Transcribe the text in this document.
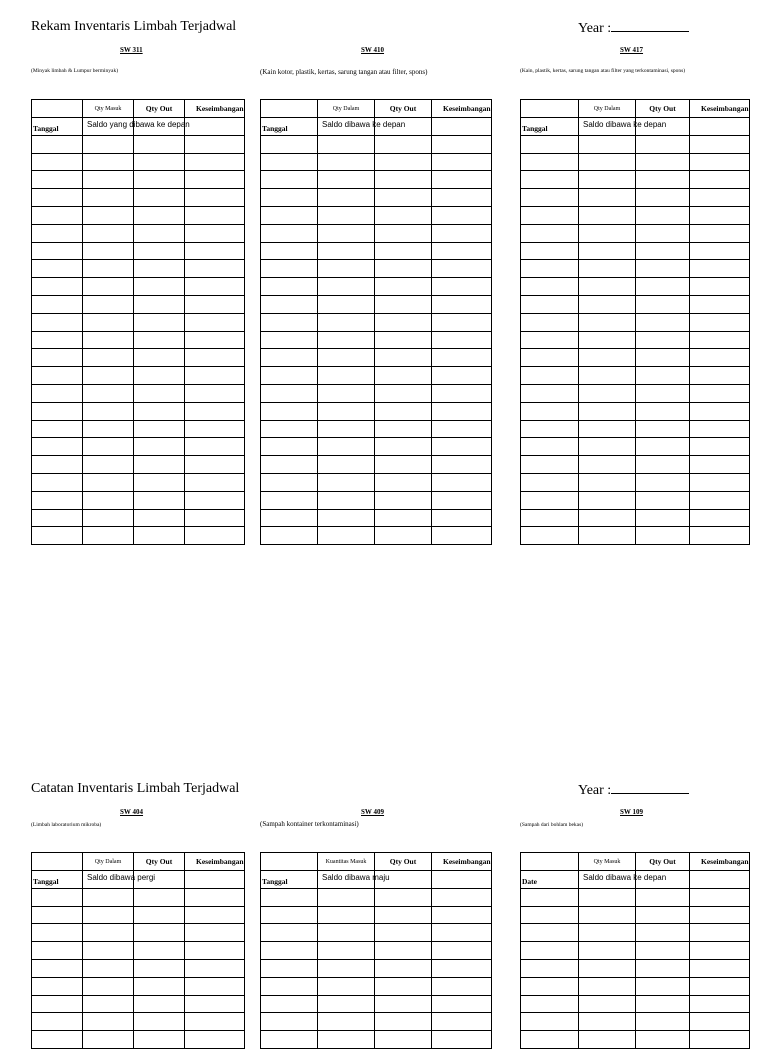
Rekam Inventaris Limbah Terjadwal	Year :
Catatan Inventaris Limbah Terjadwal	Year :
SW 311
(Minyak limbah & Lumpur berminyak)
	Qty Masuk	Qty Out	Keseimbangan

Tanggal	Saldo yang dibawa ke depan		

SW 410
(Kain kotor, plastik, kertas, sarung tangan atau filter, spons)
	Qty Dalam	Qty Out	Keseimbangan

Tanggal	Saldo dibawa ke depan		

SW 417
(Kain, plastik, kertas, sarung tangan atau filter yang terkontaminasi, spons)
	Qty Dalam	Qty Out	Keseimbangan

Tanggal	Saldo dibawa ke depan		

SW 404
(Limbah laboratorium mikroba)
	Qty Dalam	Qty Out	Keseimbangan

Tanggal	Saldo dibawa pergi		

SW 409
(Sampah kontainer terkontaminasi)
	Kuantitas Masuk	Qty Out	Keseimbangan

Tanggal	Saldo dibawa maju		

SW 109
(Sampah dari bohlam bekas)
	Qty Masuk	Qty Out	Keseimbangan

Date	Saldo dibawa ke depan		
